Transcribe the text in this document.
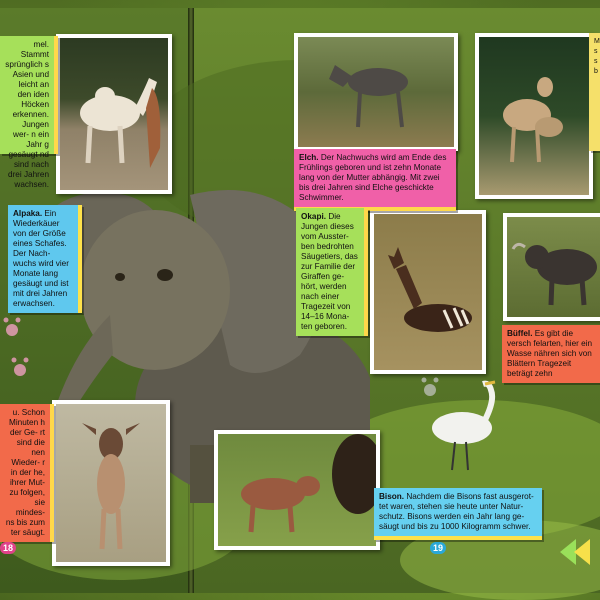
mel. Stammt sprünglich s Asien und leicht an den iden Höcken erkennen. Jungen wer- n ein Jahr g gesäugt nd sind nach drei Jahren wachsen.
Elch. Der Nachwuchs wird am Ende des Frühlings geboren und ist zehn Monate lang von der Mutter abhängig. Mit zwei bis drei Jahren sind Elche geschickte Schwimmer.
M s s b
Alpaka. Ein Wiederkäuer von der Größe eines Schafes. Der Nach- wuchs wird vier Monate lang gesäugt und ist mit drei Jahren erwachsen.
Okapi. Die Jungen dieses vom Ausster- ben bedrohten Säugetiers, das zur Familie der Giraffen ge- hört, werden nach einer Tragezeit von 14–16 Mona- ten geboren.
Büffel. Es gibt die versch felarten, hier ein Wasse nähren sich von Blättern Tragezeit beträgt zehn
u. Schon Minuten h der Ge- rt sind die nen Wieder- r in der he, ihrer Mut- zu folgen, sie mindes- ns bis zum ter säugt.
Bison. Nachdem die Bisons fast ausgerot- tet waren, stehen sie heute unter Natur- schutz. Bisons werden ein Jahr lang ge- säugt und bis zu 1000 Kilogramm schwer.
18	19
